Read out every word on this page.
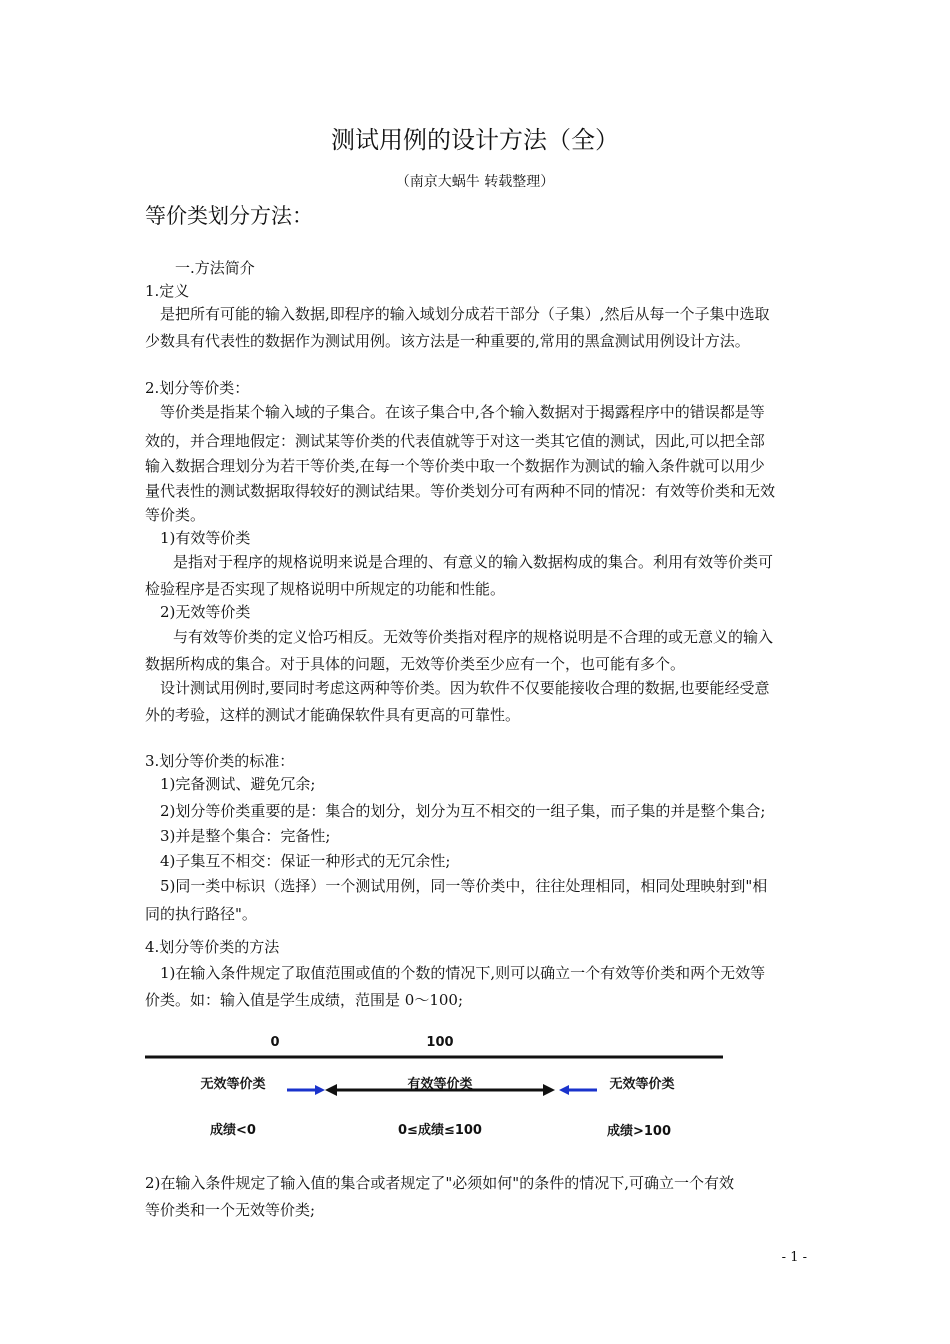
测试用例的设计方法（全）
（南京大蜗牛 转载整理）
等价类划分方法：
一.方法简介
1.定义
是把所有可能的输入数据,即程序的输入域划分成若干部分（子集）,然后从每一个子集中选取
少数具有代表性的数据作为测试用例。该方法是一种重要的,常用的黑盒测试用例设计方法。
2.划分等价类：
等价类是指某个输入域的子集合。在该子集合中,各个输入数据对于揭露程序中的错误都是等
效的，并合理地假定：测试某等价类的代表值就等于对这一类其它值的测试，因此,可以把全部
输入数据合理划分为若干等价类,在每一个等价类中取一个数据作为测试的输入条件就可以用少
量代表性的测试数据取得较好的测试结果。等价类划分可有两种不同的情况：有效等价类和无效
等价类。
1)有效等价类
是指对于程序的规格说明来说是合理的、有意义的输入数据构成的集合。利用有效等价类可
检验程序是否实现了规格说明中所规定的功能和性能。
2)无效等价类
与有效等价类的定义恰巧相反。无效等价类指对程序的规格说明是不合理的或无意义的输入
数据所构成的集合。对于具体的问题，无效等价类至少应有一个，也可能有多个。
设计测试用例时,要同时考虑这两种等价类。因为软件不仅要能接收合理的数据,也要能经受意
外的考验，这样的测试才能确保软件具有更高的可靠性。
3.划分等价类的标准：
1)完备测试、避免冗余;
2)划分等价类重要的是：集合的划分，划分为互不相交的一组子集，而子集的并是整个集合;
3)并是整个集合：完备性;
4)子集互不相交：保证一种形式的无冗余性;
5)同一类中标识（选择）一个测试用例，同一等价类中，往往处理相同，相同处理映射到"相
同的执行路径"。
4.划分等价类的方法
1)在输入条件规定了取值范围或值的个数的情况下,则可以确立一个有效等价类和两个无效等
价类。如：输入值是学生成绩，范围是 0～100;
0	100
无效等价类	有效等价类	无效等价类
成绩<0	0≤成绩≤100	成绩>100
2)在输入条件规定了输入值的集合或者规定了"必须如何"的条件的情况下,可确立一个有效
等价类和一个无效等价类;
- 1 -
